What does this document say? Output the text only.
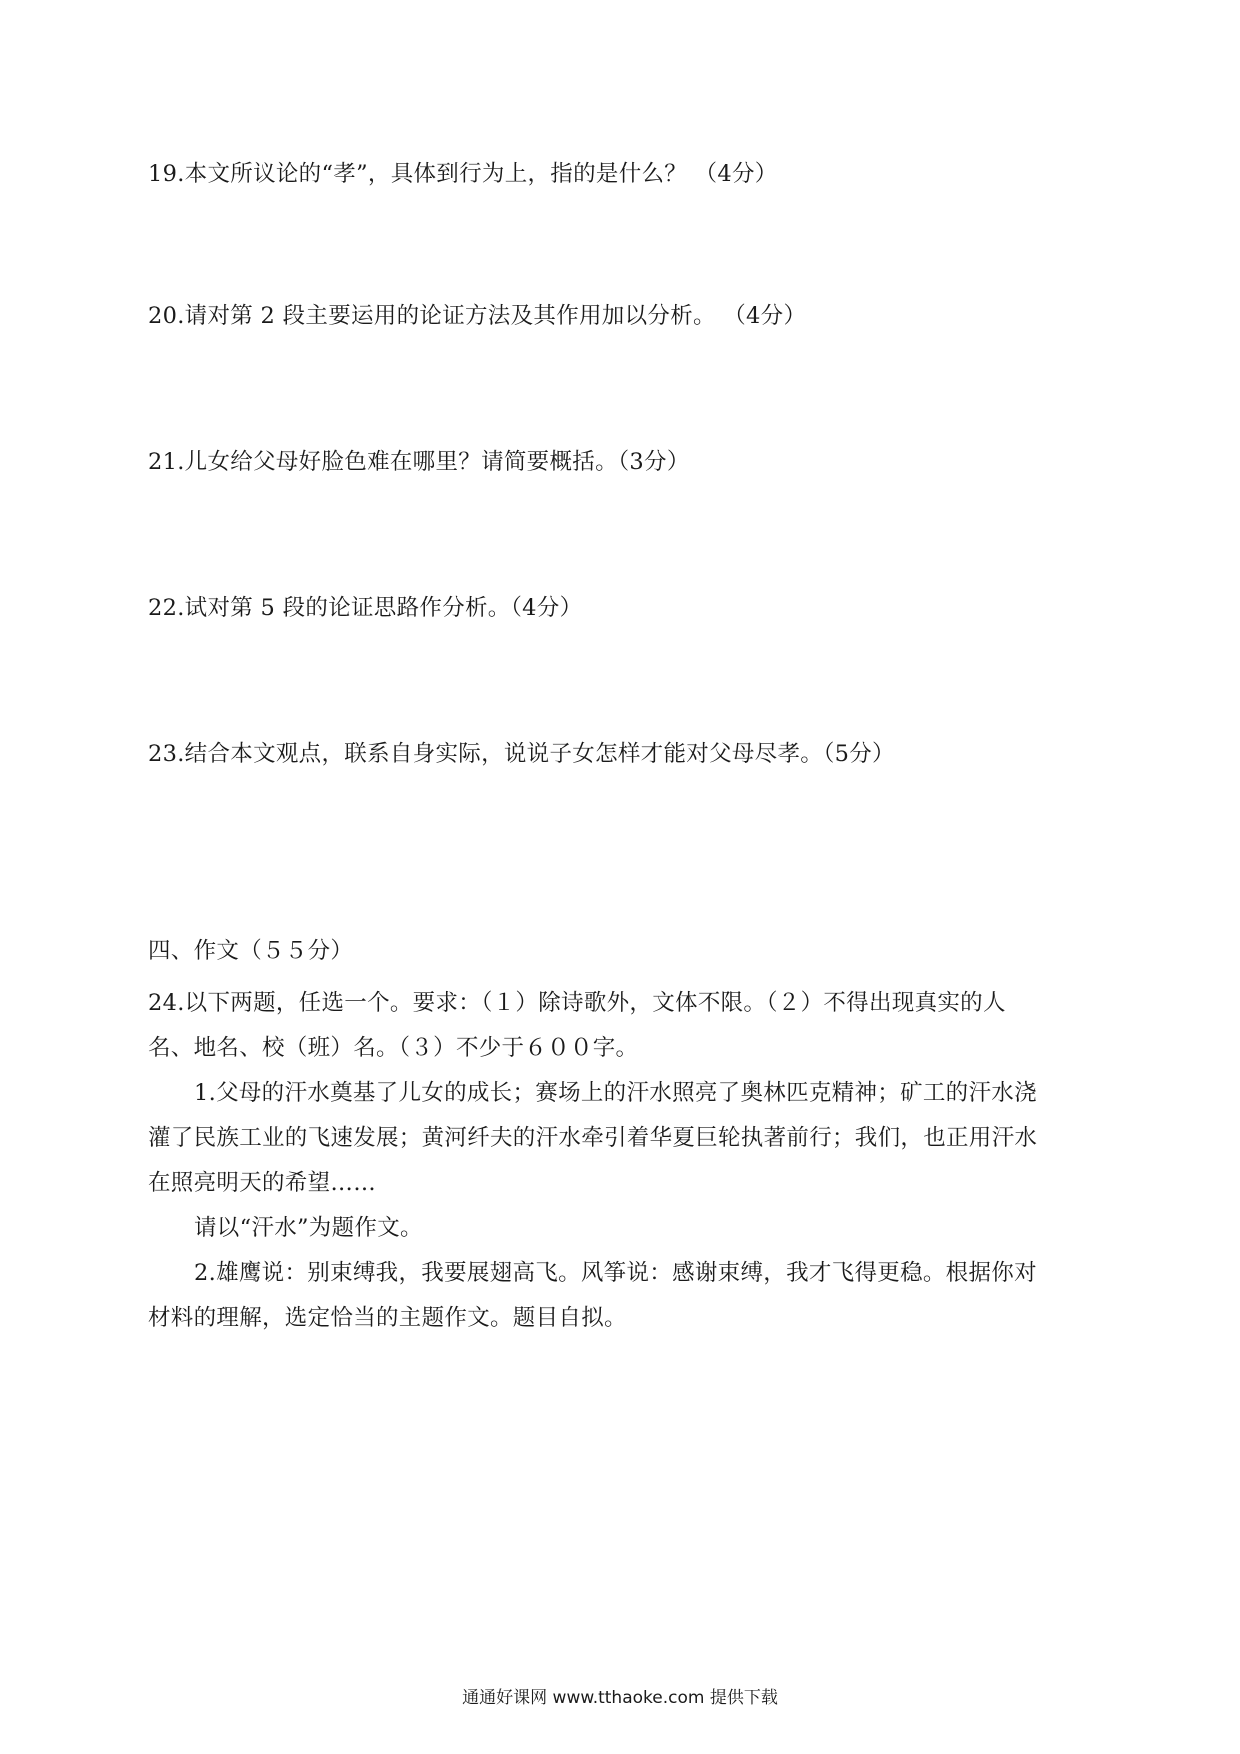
19.本文所议论的“孝”，具体到行为上，指的是什么？ （4分）
20.请对第 2 段主要运用的论证方法及其作用加以分析。 （4分）
21.儿女给父母好脸色难在哪里？请简要概括。（3分）
22.试对第 5 段的论证思路作分析。（4分）
23.结合本文观点，联系自身实际，说说子女怎样才能对父母尽孝。（5分）
四、作文（５５分）

24.以下两题，任选一个。要求：（１）除诗歌外，文体不限。（２）不得出现真实的人名、地名、校（班）名。（３）不少于６００字。

1.父母的汗水奠基了儿女的成长；赛场上的汗水照亮了奥林匹克精神；矿工的汗水浇灌了民族工业的飞速发展；黄河纤夫的汗水牵引着华夏巨轮执著前行；我们，也正用汗水在照亮明天的希望……

请以“汗水”为题作文。

2.雄鹰说：别束缚我，我要展翅高飞。风筝说：感谢束缚，我才飞得更稳。根据你对材料的理解，选定恰当的主题作文。题目自拟。

通通好课网 www.tthaoke.com 提供下载
